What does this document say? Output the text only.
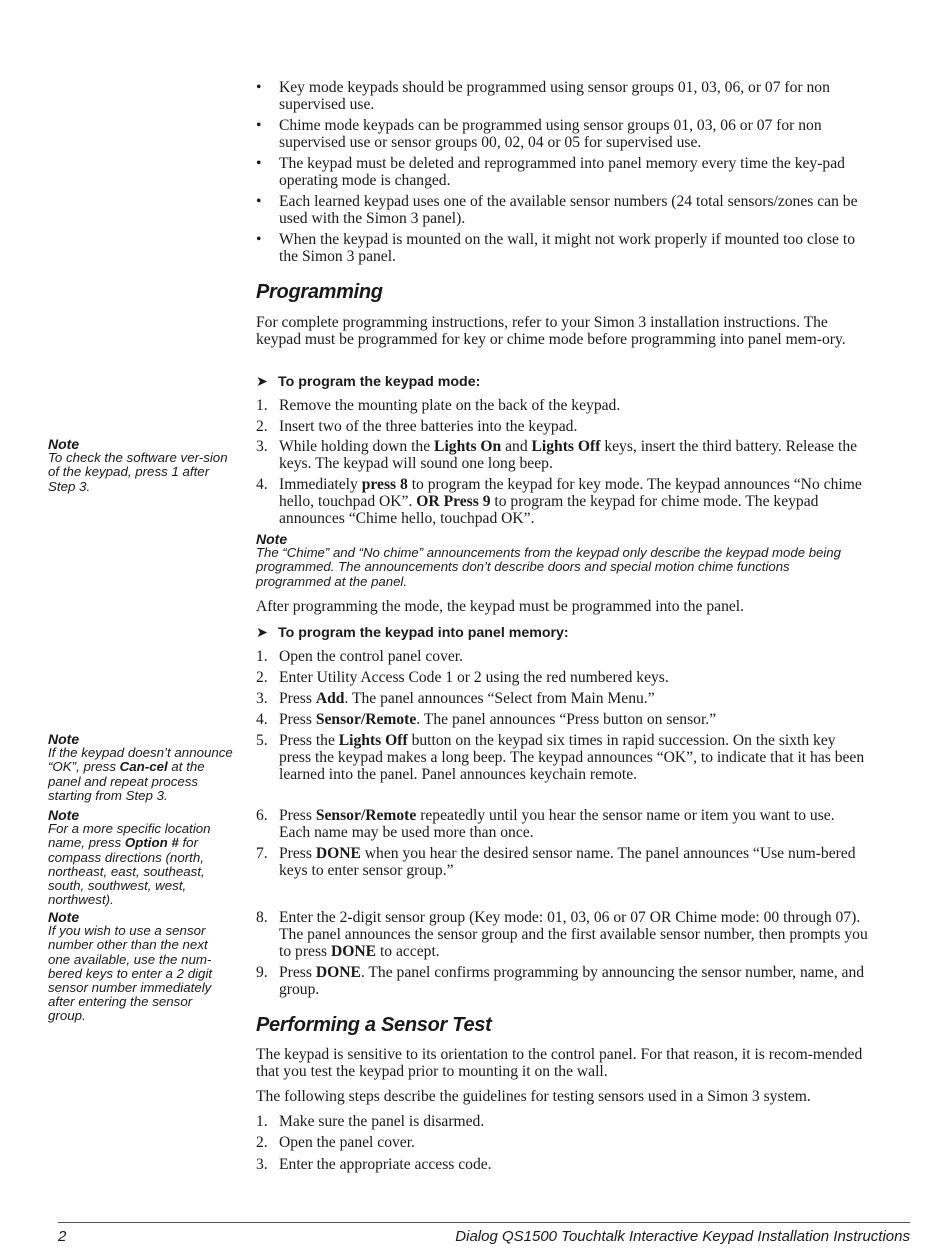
• Key mode keypads should be programmed using sensor groups 01, 03, 06, or 07 for non supervised use.
• Chime mode keypads can be programmed using sensor groups 01, 03, 06 or 07 for non supervised use or sensor groups 00, 02, 04 or 05 for supervised use.
• The keypad must be deleted and reprogrammed into panel memory every time the key-pad operating mode is changed.
• Each learned keypad uses one of the available sensor numbers (24 total sensors/zones can be used with the Simon 3 panel).
• When the keypad is mounted on the wall, it might not work properly if mounted too close to the Simon 3 panel.
Programming
For complete programming instructions, refer to your Simon 3 installation instructions. The keypad must be programmed for key or chime mode before programming into panel mem-ory.
➤ To program the keypad mode:
1. Remove the mounting plate on the back of the keypad.
2. Insert two of the three batteries into the keypad.
3. While holding down the Lights On and Lights Off keys, insert the third battery. Release the keys. The keypad will sound one long beep.
4. Immediately press 8 to program the keypad for key mode. The keypad announces “No chime hello, touchpad OK”. OR Press 9 to program the keypad for chime mode. The keypad announces “Chime hello, touchpad OK”.
Note
The “Chime” and “No chime” announcements from the keypad only describe the keypad mode being programmed. The announcements don’t describe doors and special motion chime functions programmed at the panel.
After programming the mode, the keypad must be programmed into the panel.
➤ To program the keypad into panel memory:
1. Open the control panel cover.
2. Enter Utility Access Code 1 or 2 using the red numbered keys.
3. Press Add. The panel announces “Select from Main Menu.”
4. Press Sensor/Remote. The panel announces “Press button on sensor.”
5. Press the Lights Off button on the keypad six times in rapid succession. On the sixth key press the keypad makes a long beep. The keypad announces “OK”, to indicate that it has been learned into the panel. Panel announces keychain remote.
6. Press Sensor/Remote repeatedly until you hear the sensor name or item you want to use. Each name may be used more than once.
7. Press DONE when you hear the desired sensor name. The panel announces “Use num-bered keys to enter sensor group.”
8. Enter the 2-digit sensor group (Key mode: 01, 03, 06 or 07 OR Chime mode: 00 through 07). The panel announces the sensor group and the first available sensor number, then prompts you to press DONE to accept.
9. Press DONE. The panel confirms programming by announcing the sensor number, name, and group.
Performing a Sensor Test
The keypad is sensitive to its orientation to the control panel. For that reason, it is recom-mended that you test the keypad prior to mounting it on the wall.
The following steps describe the guidelines for testing sensors used in a Simon 3 system.
1. Make sure the panel is disarmed.
2. Open the panel cover.
3. Enter the appropriate access code.
Note
To check the software ver-sion of the keypad, press 1 after Step 3.
Note
If the keypad doesn’t announce “OK”, press Can-cel at the panel and repeat process starting from Step 3.
Note
For a more specific location name, press Option # for compass directions (north, northeast, east, southeast, south, southwest, west, northwest).
Note
If you wish to use a sensor number other than the next one available, use the num-bered keys to enter a 2 digit sensor number immediately after entering the sensor group.
2	Dialog QS1500 Touchtalk Interactive Keypad Installation Instructions
